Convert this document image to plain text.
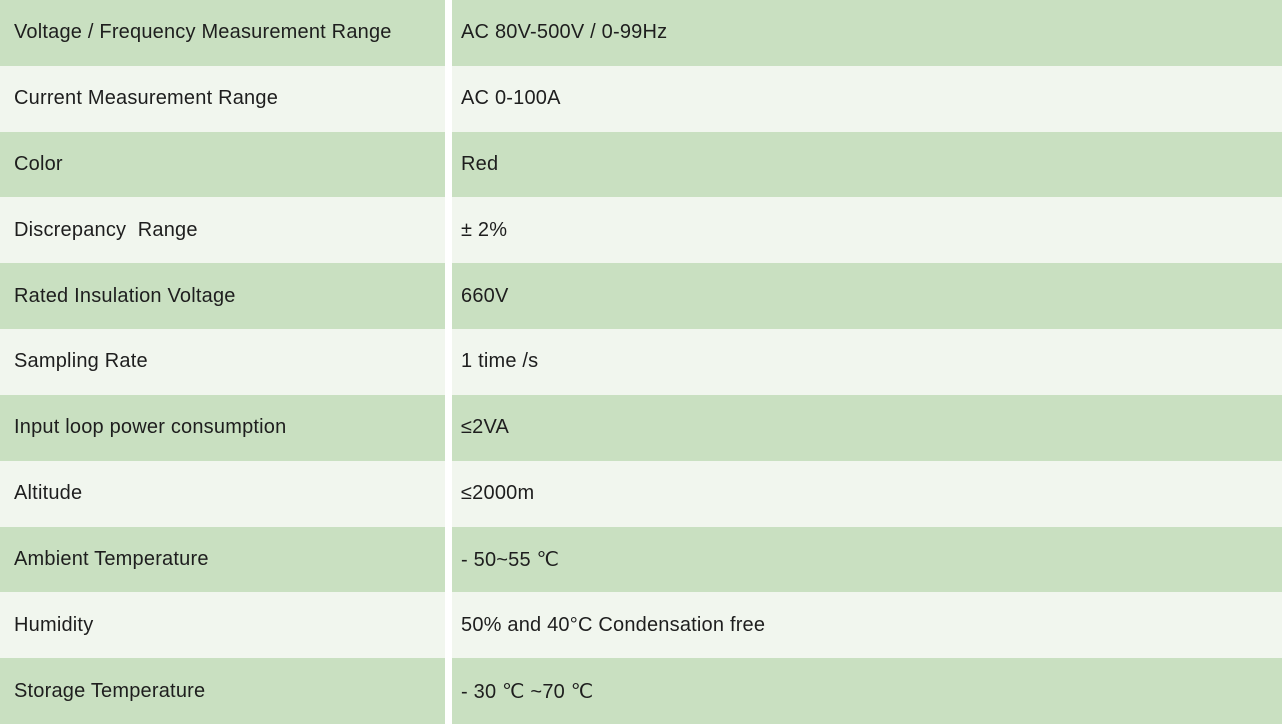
Voltage / Frequency Measurement Range	AC 80V-500V / 0-99Hz
Current Measurement Range	AC 0-100A
Color	Red
Discrepancy  Range	± 2%
Rated Insulation Voltage	660V
Sampling Rate	1 time /s
Input loop power consumption	≤2VA
Altitude	≤2000m
Ambient Temperature	- 50~55 ℃
Humidity	50% and 40°C Condensation free
Storage Temperature	- 30 ℃ ~70 ℃
